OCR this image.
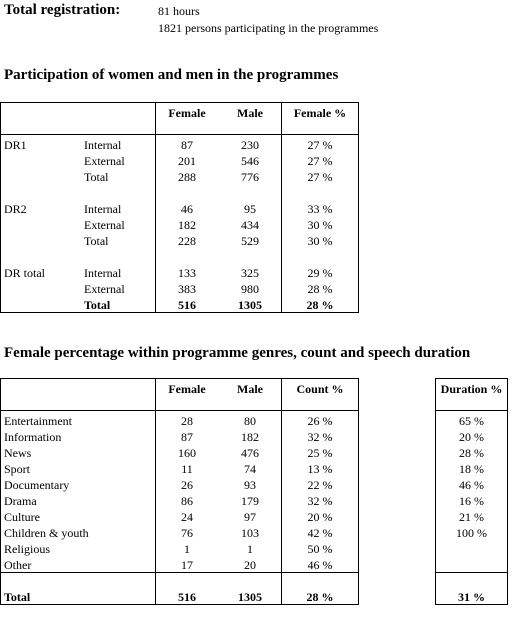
Total registration:	81 hours
1821 persons participating in the programmes
Participation of women and men in the programmes
Female	Male	Female %
DR1	Internal	87	230	27 %
External	201	546	27 %
Total	288	776	27 %
DR2	Internal	46	95	33 %
External	182	434	30 %
Total	228	529	30 %
DR total	Internal	133	325	29 %
External	383	980	28 %
Total	516	1305	28 %
Female percentage within programme genres, count and speech duration
Female	Male	Count %	Duration %
Entertainment	28	80	26 %	65 %
Information	87	182	32 %	20 %
News	160	476	25 %	28 %
Sport	11	74	13 %	18 %
Documentary	26	93	22 %	46 %
Drama	86	179	32 %	16 %
Culture	24	97	20 %	21 %
Children & youth	76	103	42 %	100 %
Religious	1	1	50 %
Other	17	20	46 %
Total	516	1305	28 %	31 %
